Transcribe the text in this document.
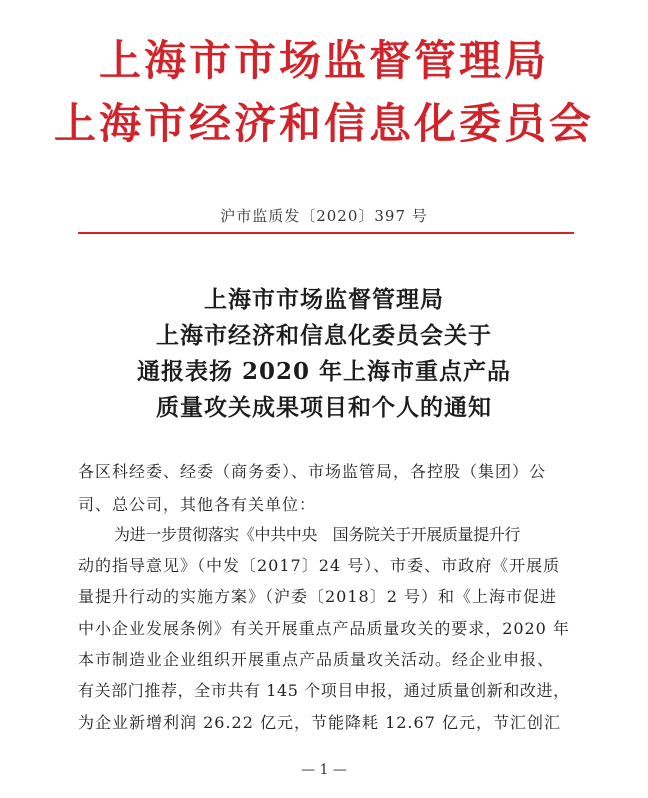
上海市市场监督管理局
上海市经济和信息化委员会
沪市监质发〔2020〕397 号
上海市市场监督管理局
上海市经济和信息化委员会关于
通报表扬 2020 年上海市重点产品
质量攻关成果项目和个人的通知
各区科经委、经委（商务委）、市场监管局，各控股（集团）公
司、总公司，其他各有关单位：
为进一步贯彻落实《中共中央　国务院关于开展质量提升行
动的指导意见》（中发〔2017〕24 号）、市委、市政府《开展质
量提升行动的实施方案》（沪委〔2018〕2 号）和《上海市促进
中小企业发展条例》有关开展重点产品质量攻关的要求，2020 年
本市制造业企业组织开展重点产品质量攻关活动。经企业申报、
有关部门推荐，全市共有 145 个项目申报，通过质量创新和改进，
为企业新增利润 26.22 亿元，节能降耗 12.67 亿元，节汇创汇
— 1 —
